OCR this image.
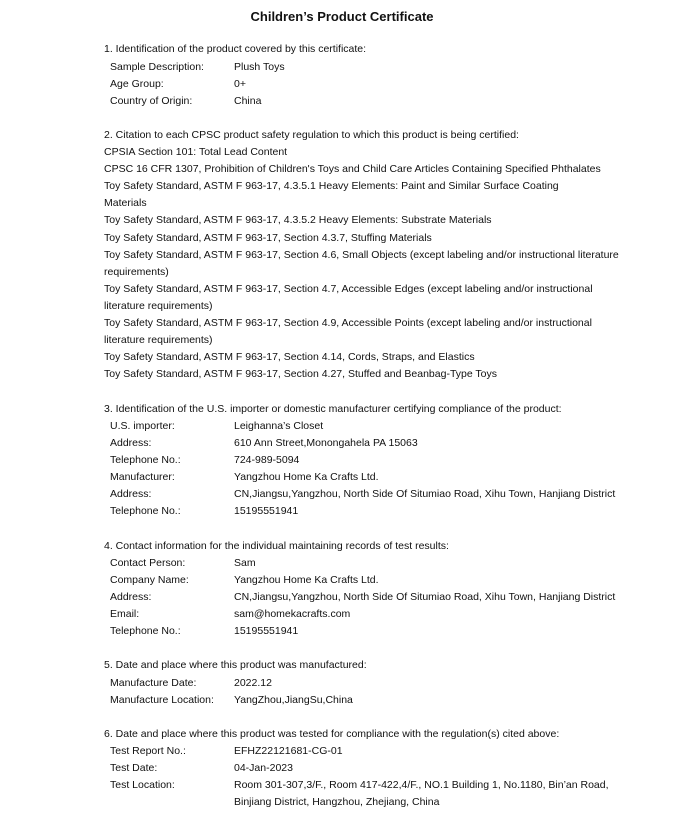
Children’s Product Certificate
1. Identification of the product covered by this certificate:
Sample Description:	Plush Toys
Age Group:	0+
Country of Origin:	China
2. Citation to each CPSC product safety regulation to which this product is being certified:
CPSIA Section 101: Total Lead Content
CPSC 16 CFR 1307, Prohibition of Children's Toys and Child Care Articles Containing Specified Phthalates
Toy Safety Standard, ASTM F 963-17, 4.3.5.1 Heavy Elements: Paint and Similar Surface Coating
Materials
Toy Safety Standard, ASTM F 963-17, 4.3.5.2 Heavy Elements: Substrate Materials
Toy Safety Standard, ASTM F 963-17, Section 4.3.7, Stuffing Materials
Toy Safety Standard, ASTM F 963-17, Section 4.6, Small Objects (except labeling and/or instructional literature
requirements)
Toy Safety Standard, ASTM F 963-17, Section 4.7, Accessible Edges (except labeling and/or instructional
literature requirements)
Toy Safety Standard, ASTM F 963-17, Section 4.9, Accessible Points (except labeling and/or instructional
literature requirements)
Toy Safety Standard, ASTM F 963-17, Section 4.14, Cords, Straps, and Elastics
Toy Safety Standard, ASTM F 963-17, Section 4.27, Stuffed and Beanbag-Type Toys
3. Identification of the U.S. importer or domestic manufacturer certifying compliance of the product:
U.S. importer:	Leighanna’s Closet
Address:	610 Ann Street,Monongahela PA 15063
Telephone No.:	724-989-5094
Manufacturer:	Yangzhou Home Ka Crafts Ltd.
Address:	CN,Jiangsu,Yangzhou, North Side Of Situmiao Road, Xihu Town, Hanjiang District
Telephone No.:	15195551941
4. Contact information for the individual maintaining records of test results:
Contact Person:	Sam
Company Name:	Yangzhou Home Ka Crafts Ltd.
Address:	CN,Jiangsu,Yangzhou, North Side Of Situmiao Road, Xihu Town, Hanjiang District
Email:	sam@homekacrafts.com
Telephone No.:	15195551941
5. Date and place where this product was manufactured:
Manufacture Date:	2022.12
Manufacture Location: YangZhou,JiangSu,China
6. Date and place where this product was tested for compliance with the regulation(s) cited above:
Test Report No.:	EFHZ22121681-CG-01
Test Date:	04-Jan-2023
Test Location:	Room 301-307,3/F., Room 417-422,4/F., NO.1 Building 1, No.1180, Bin’an Road,
Binjiang District, Hangzhou, Zhejiang, China
